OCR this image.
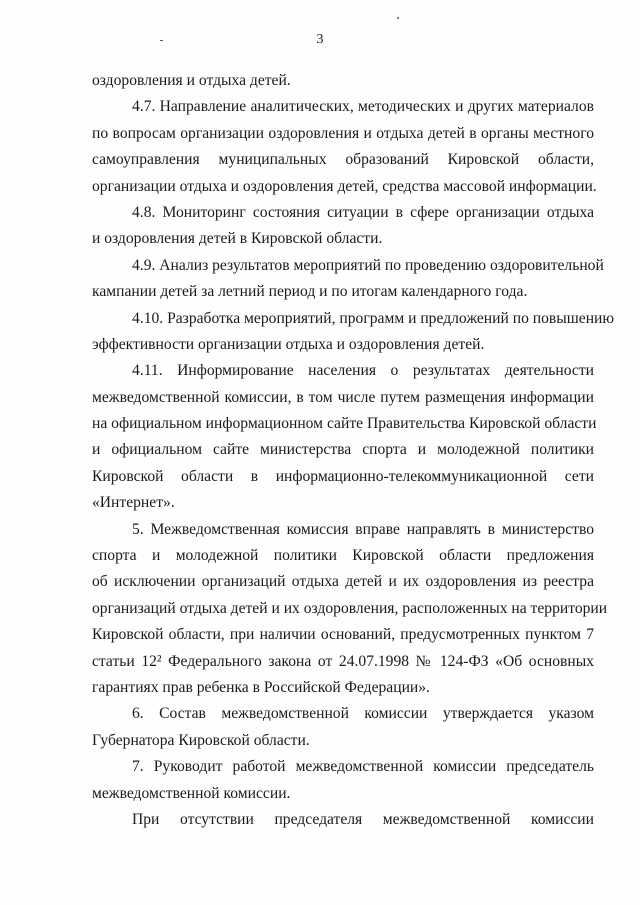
3
оздоровления и отдыха детей.
4.7. Направление аналитических, методических и других материалов
по вопросам организации оздоровления и отдыха детей в органы местного
самоуправления муниципальных образований Кировской области,
организации отдыха и оздоровления детей, средства массовой информации.
4.8. Мониторинг состояния ситуации в сфере организации отдыха
и оздоровления детей в Кировской области.
4.9. Анализ результатов мероприятий по проведению оздоровительной
кампании детей за летний период и по итогам календарного года.
4.10. Разработка мероприятий, программ и предложений по повышению
эффективности организации отдыха и оздоровления детей.
4.11. Информирование населения о результатах деятельности
межведомственной комиссии, в том числе путем размещения информации
на официальном информационном сайте Правительства Кировской области
и официальном сайте министерства спорта и молодежной политики
Кировской области в информационно-телекоммуникационной сети
«Интернет».
5. Межведомственная комиссия вправе направлять в министерство
спорта и молодежной политики Кировской области предложения
об исключении организаций отдыха детей и их оздоровления из реестра
организаций отдыха детей и их оздоровления, расположенных на территории
Кировской области, при наличии оснований, предусмотренных пунктом 7
статьи 12² Федерального закона от 24.07.1998 № 124-ФЗ «Об основных
гарантиях прав ребенка в Российской Федерации».
6. Состав межведомственной комиссии утверждается указом
Губернатора Кировской области.
7. Руководит работой межведомственной комиссии председатель
межведомственной комиссии.
При отсутствии председателя межведомственной комиссии
